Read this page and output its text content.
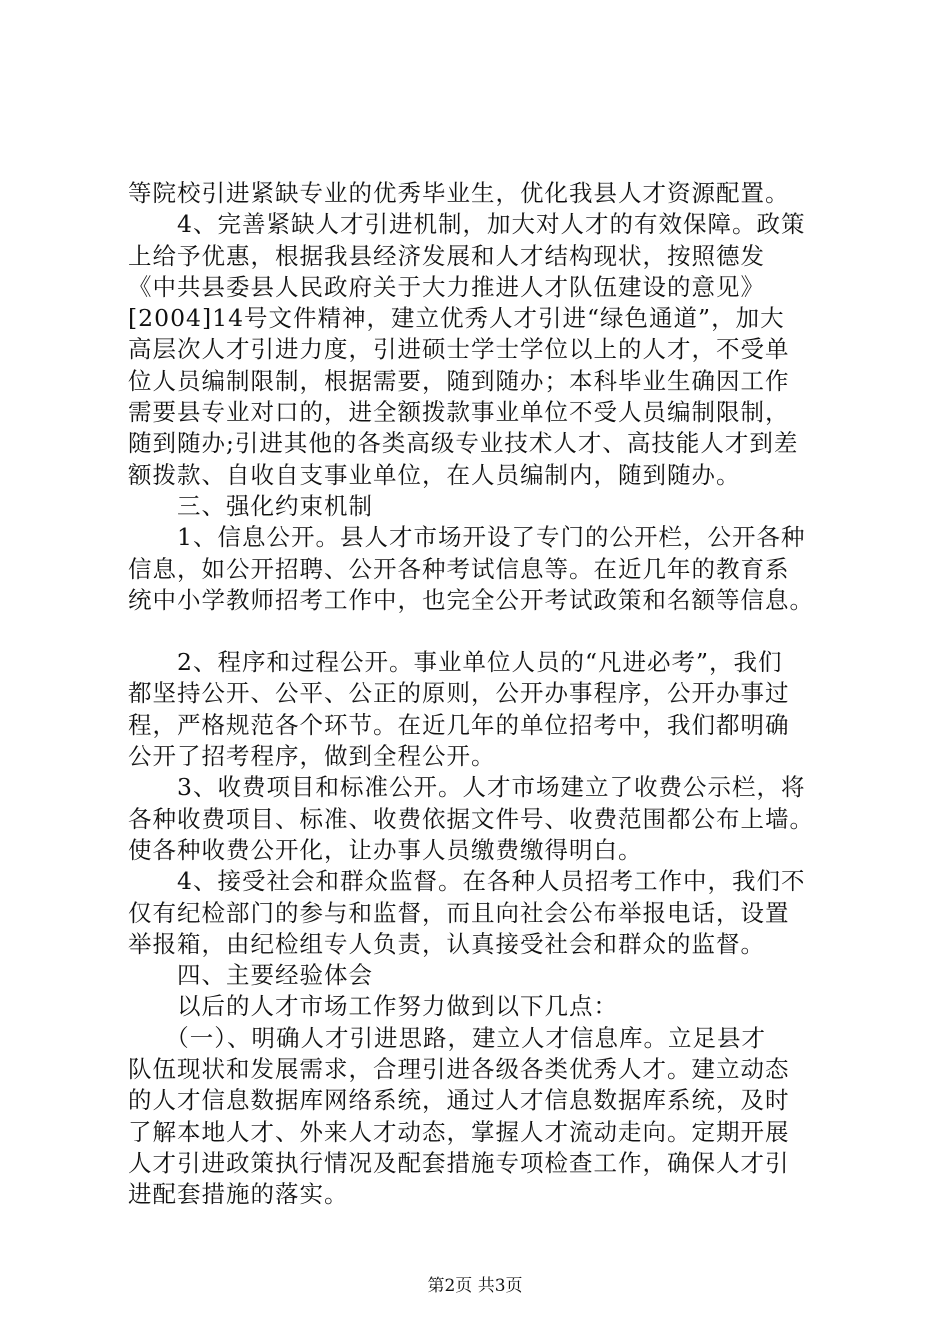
等院校引进紧缺专业的优秀毕业生，优化我县人才资源配置。
　　4、完善紧缺人才引进机制，加大对人才的有效保障。政策
上给予优惠，根据我县经济发展和人才结构现状，按照德发
《中共县委县人民政府关于大力推进人才队伍建设的意见》
[2004]14号文件精神，建立优秀人才引进“绿色通道”，加大
高层次人才引进力度，引进硕士学士学位以上的人才，不受单
位人员编制限制，根据需要，随到随办；本科毕业生确因工作
需要县专业对口的，进全额拨款事业单位不受人员编制限制，
随到随办;引进其他的各类高级专业技术人才、高技能人才到差
额拨款、自收自支事业单位，在人员编制内，随到随办。
　　三、强化约束机制
　　1、信息公开。县人才市场开设了专门的公开栏，公开各种
信息，如公开招聘、公开各种考试信息等。在近几年的教育系
统中小学教师招考工作中，也完全公开考试政策和名额等信息。
　　2、程序和过程公开。事业单位人员的“凡进必考”，我们
都坚持公开、公平、公正的原则，公开办事程序，公开办事过
程，严格规范各个环节。在近几年的单位招考中，我们都明确
公开了招考程序，做到全程公开。
　　3、收费项目和标准公开。人才市场建立了收费公示栏，将
各种收费项目、标准、收费依据文件号、收费范围都公布上墙。
使各种收费公开化，让办事人员缴费缴得明白。
　　4、接受社会和群众监督。在各种人员招考工作中，我们不
仅有纪检部门的参与和监督，而且向社会公布举报电话，设置
举报箱，由纪检组专人负责，认真接受社会和群众的监督。
　　四、主要经验体会
　　以后的人才市场工作努力做到以下几点：
　　（一）、明确人才引进思路，建立人才信息库。立足县才
队伍现状和发展需求，合理引进各级各类优秀人才。建立动态
的人才信息数据库网络系统，通过人才信息数据库系统，及时
了解本地人才、外来人才动态，掌握人才流动走向。定期开展
人才引进政策执行情况及配套措施专项检查工作，确保人才引
进配套措施的落实。
第2页 共3页
